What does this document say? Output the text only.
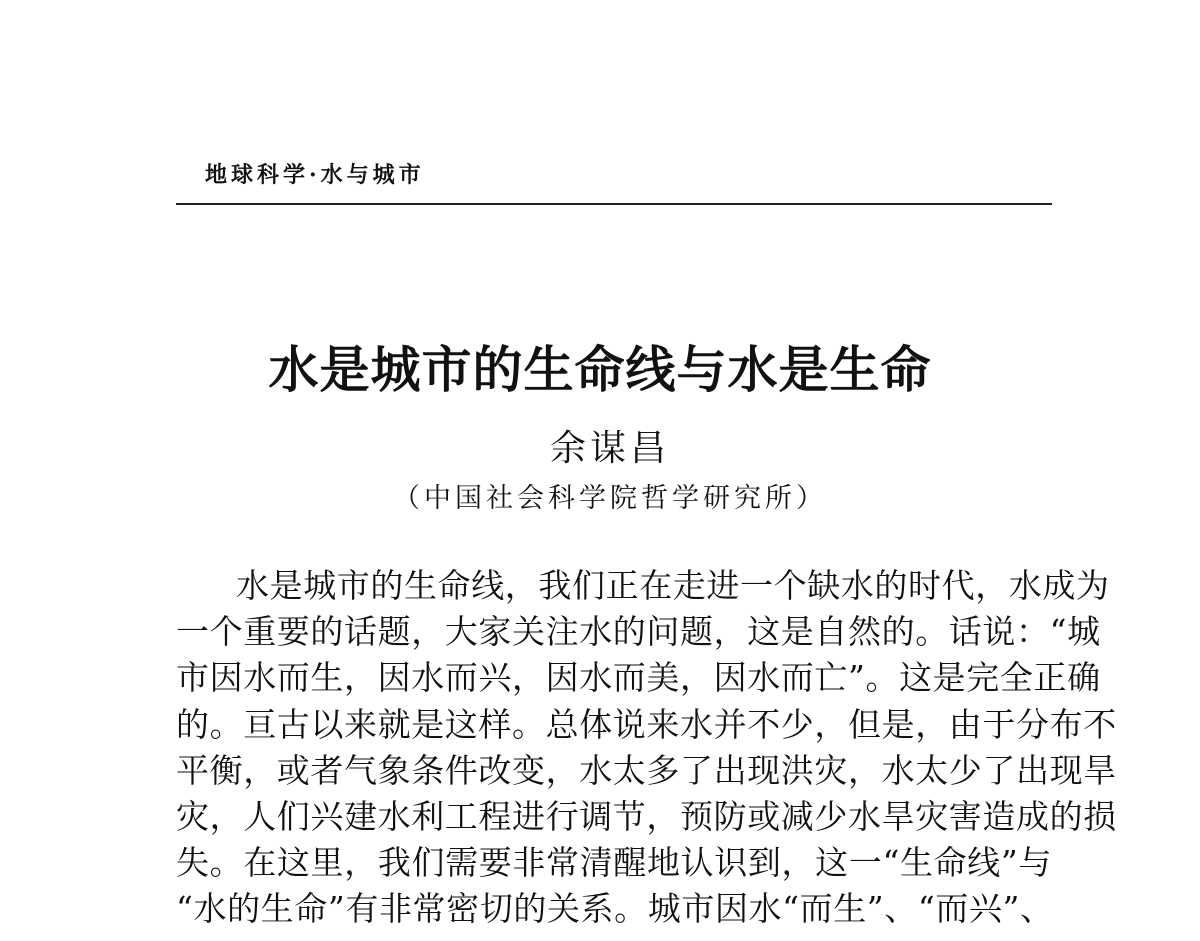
地球科学·水与城市
水是城市的生命线与水是生命
余谋昌
（中国社会科学院哲学研究所）
水是城市的生命线，我们正在走进一个缺水的时代，水成为
一个重要的话题，大家关注水的问题，这是自然的。话说：“城
市因水而生，因水而兴，因水而美，因水而亡”。这是完全正确
的。亘古以来就是这样。总体说来水并不少，但是，由于分布不
平衡，或者气象条件改变，水太多了出现洪灾，水太少了出现旱
灾，人们兴建水利工程进行调节，预防或减少水旱灾害造成的损
失。在这里，我们需要非常清醒地认识到，这一“生命线”与
“水的生命”有非常密切的关系。城市因水“而生”、“而兴”、
